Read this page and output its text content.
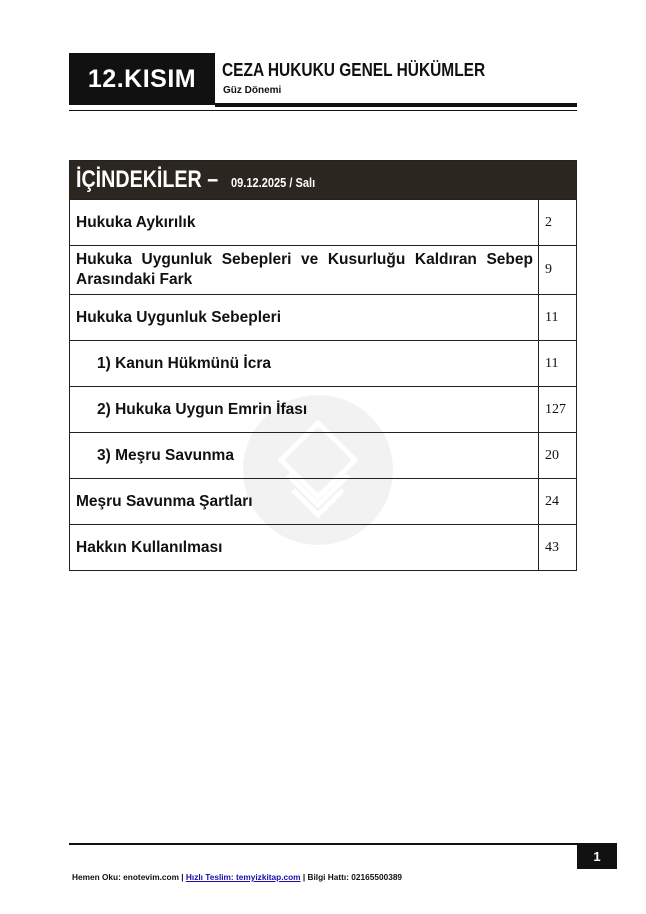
12.KISIM CEZA HUKUKU GENEL HÜKÜMLER
Güz Dönemi
İÇİNDEKİLER – 09.12.2025 / Salı	
Hukuka Aykırılık	2
Hukuka Uygunluk Sebepleri ve Kusurluğu Kaldıran Sebep Arasındaki Fark	9
Hukuka Uygunluk Sebepleri	11
1) Kanun Hükmünü İcra	11
2) Hukuka Uygun Emrin İfası	127
3) Meşru Savunma	20
Meşru Savunma Şartları	24
Hakkın Kullanılması	43
1
Hemen Oku: enotevim.com | Hızlı Teslim: temyizkitap.com | Bilgi Hattı: 02165500389
